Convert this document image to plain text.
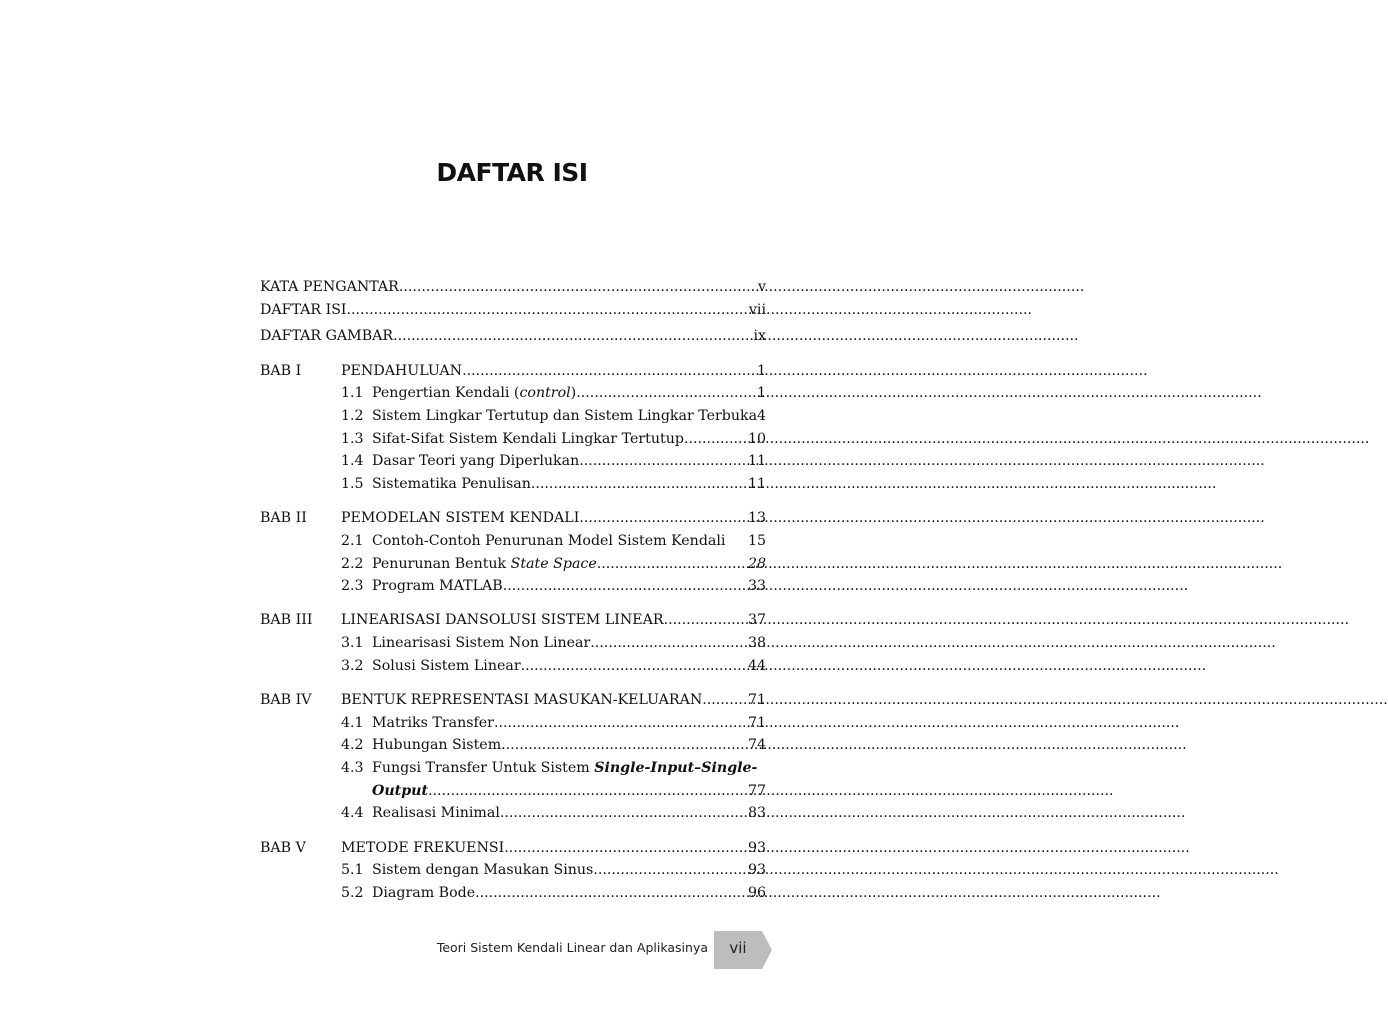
DAFTAR ISI
KATA PENGANTAR .....	v
DAFTAR ISI .....	vii
DAFTAR GAMBAR .....	ix
BAB I	PENDAHULUAN .....	1
1.1 Pengertian Kendali (control) .....	1
1.2 Sistem Lingkar Tertutup dan Sistem Lingkar Terbuka 4
1.3 Sifat-Sifat Sistem Kendali Lingkar Tertutup .....	10
1.4 Dasar Teori yang Diperlukan .....	11
1.5 Sistematika Penulisan .....	11
BAB II PEMODELAN SISTEM KENDALI .....	13
2.1 Contoh-Contoh Penurunan Model Sistem Kendali ..... 15
2.2 Penurunan Bentuk State Space .....	28
2.3 Program MATLAB .....	33
BAB III LINEARISASI DANSOLUSI SISTEM LINEAR .....	37
3.1 Linearisasi Sistem Non Linear .....	38
3.2 Solusi Sistem Linear .....	44
BAB IV BENTUK REPRESENTASI MASUKAN-KELUARAN .....	71
4.1 Matriks Transfer .....	71
4.2 Hubungan Sistem .....	74
4.3 Fungsi Transfer Untuk Sistem Single-Input–Single-
Output .....	77
4.4 Realisasi Minimal .....	83
BAB V METODE FREKUENSI .....	93
5.1 Sistem dengan Masukan Sinus .....	93
5.2 Diagram Bode .....	96
Teori Sistem Kendali Linear dan Aplikasinya	vii
